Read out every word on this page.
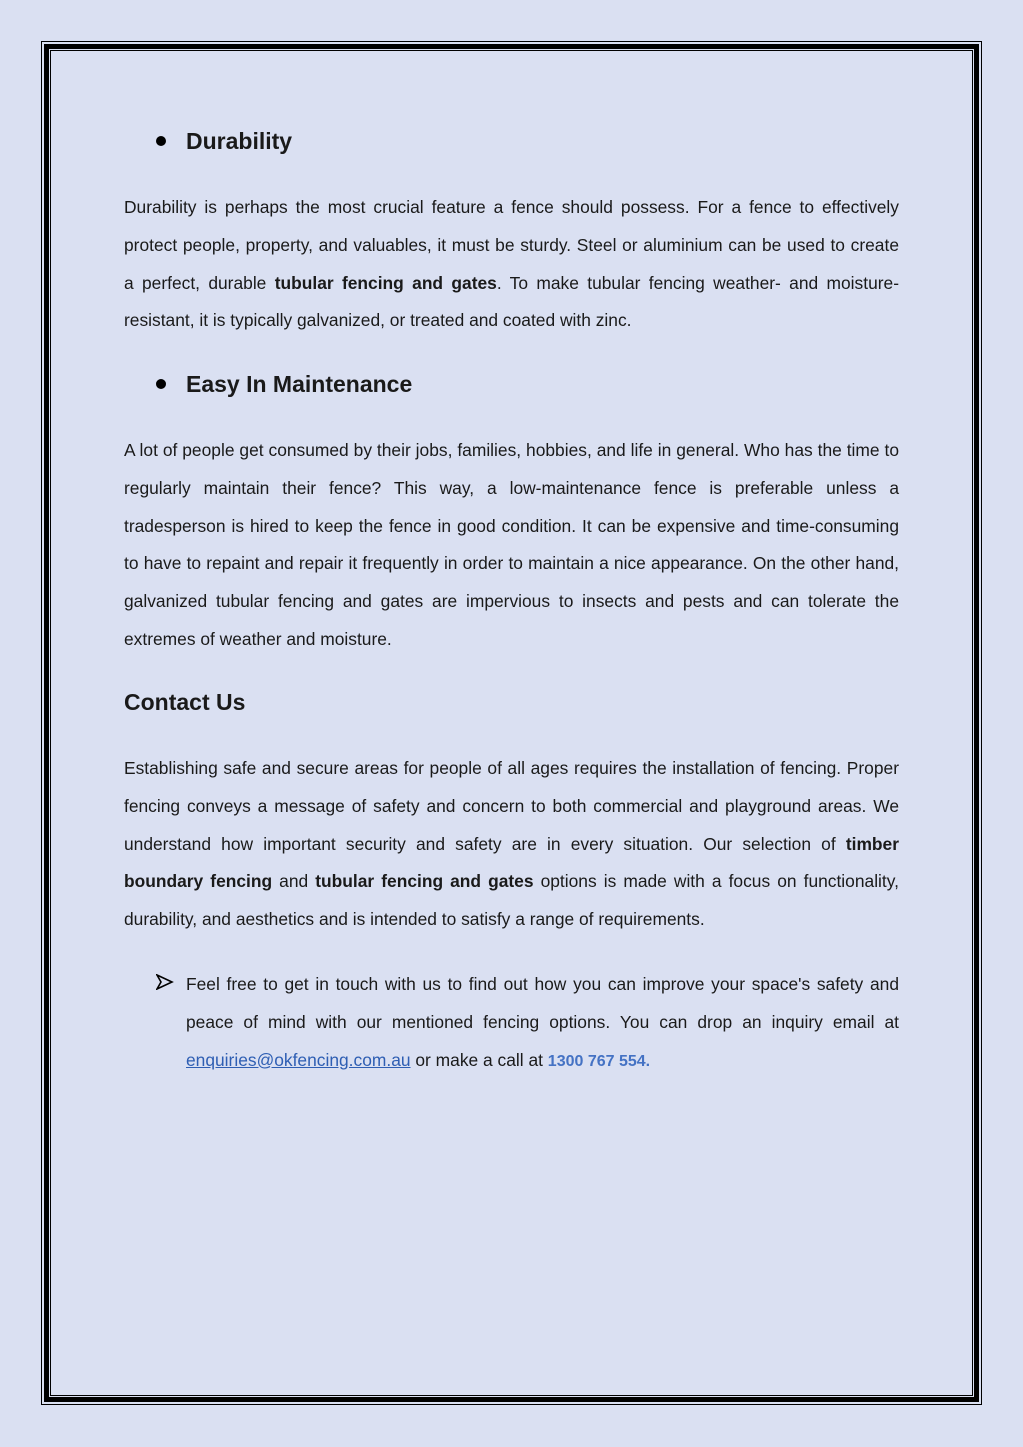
Durability

Durability is perhaps the most crucial feature a fence should possess. For a fence to effectively protect people, property, and valuables, it must be sturdy. Steel or aluminium can be used to create a perfect, durable tubular fencing and gates. To make tubular fencing weather- and moisture-resistant, it is typically galvanized, or treated and coated with zinc.

Easy In Maintenance

A lot of people get consumed by their jobs, families, hobbies, and life in general. Who has the time to regularly maintain their fence? This way, a low-maintenance fence is preferable unless a tradesperson is hired to keep the fence in good condition. It can be expensive and time-consuming to have to repaint and repair it frequently in order to maintain a nice appearance. On the other hand, galvanized tubular fencing and gates are impervious to insects and pests and can tolerate the extremes of weather and moisture.

Contact Us

Establishing safe and secure areas for people of all ages requires the installation of fencing. Proper fencing conveys a message of safety and concern to both commercial and playground areas. We understand how important security and safety are in every situation. Our selection of timber boundary fencing and tubular fencing and gates options is made with a focus on functionality, durability, and aesthetics and is intended to satisfy a range of requirements.

Feel free to get in touch with us to find out how you can improve your space's safety and peace of mind with our mentioned fencing options. You can drop an inquiry email at enquiries@okfencing.com.au or make a call at 1300 767 554.
